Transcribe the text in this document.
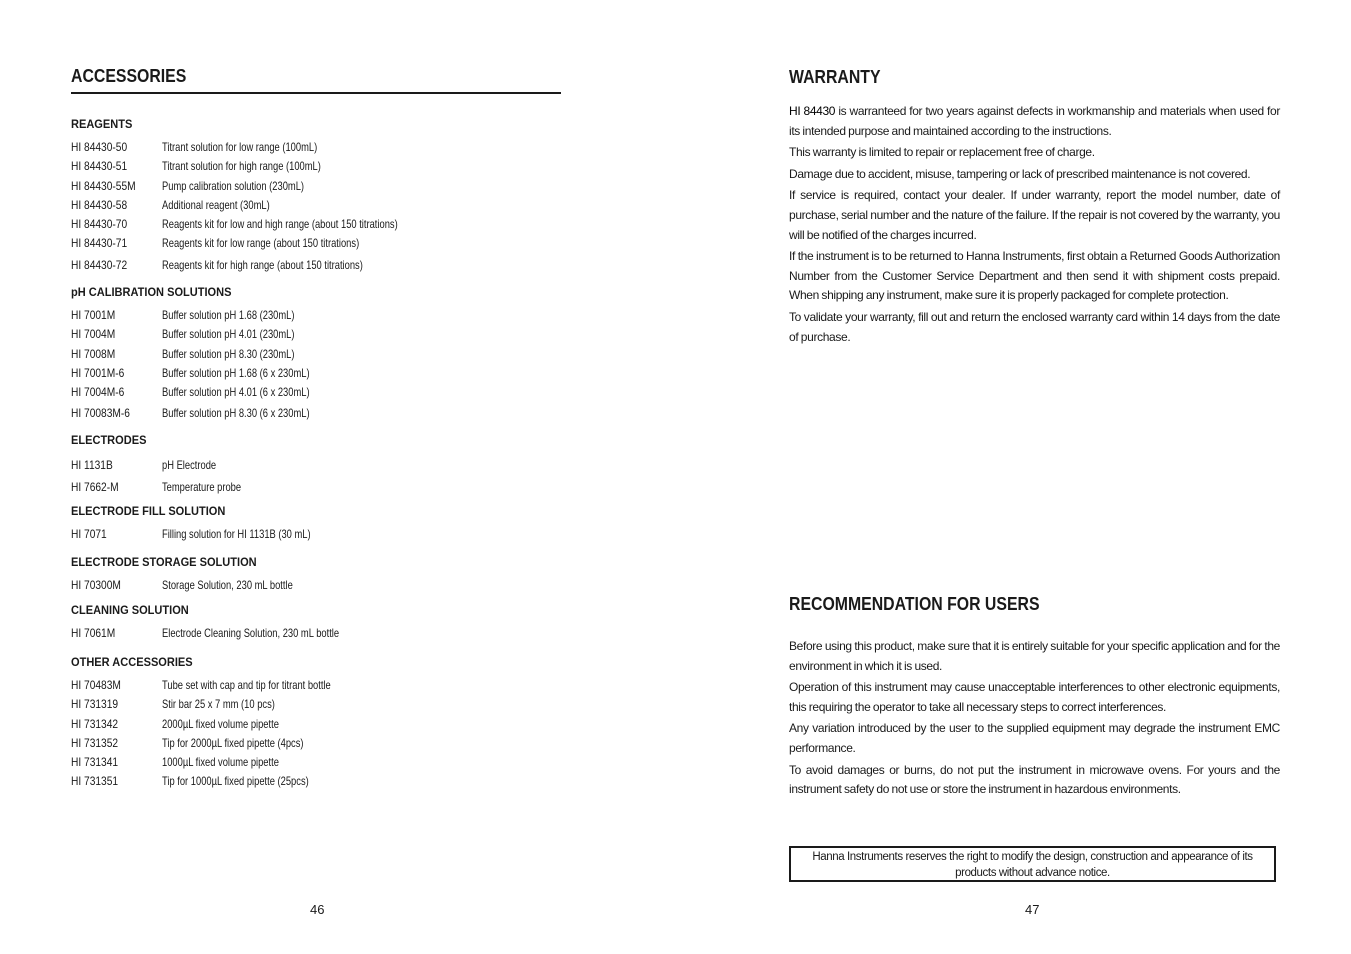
ACCESSORIES
REAGENTS
HI 84430-50	Titrant solution for low range (100mL)
HI 84430-51	Titrant solution for high range (100mL)
HI 84430-55M	Pump calibration solution (230mL)
HI 84430-58	Additional reagent (30mL)
HI 84430-70	Reagents kit for low and high range (about 150 titrations)
HI 84430-71	Reagents kit for low range (about 150 titrations)
HI 84430-72	Reagents kit for high range (about 150 titrations)
pH CALIBRATION SOLUTIONS
HI 7001M	Buffer solution pH 1.68 (230mL)
HI 7004M	Buffer solution pH 4.01 (230mL)
HI 7008M	Buffer solution pH 8.30 (230mL)
HI 7001M-6	Buffer solution pH 1.68 (6 x 230mL)
HI 7004M-6	Buffer solution pH 4.01 (6 x 230mL)
HI 70083M-6	Buffer solution pH 8.30 (6 x 230mL)
ELECTRODES
HI 1131B	pH Electrode
HI 7662-M	Temperature probe
ELECTRODE FILL SOLUTION
HI 7071	Filling solution for HI 1131B (30 mL)
ELECTRODE STORAGE SOLUTION
HI 70300M	Storage Solution, 230 mL bottle
CLEANING SOLUTION
HI 7061M	Electrode Cleaning Solution, 230 mL bottle
OTHER ACCESSORIES
HI 70483M	Tube set with cap and tip for titrant bottle
HI 731319	Stir bar 25 x 7 mm (10 pcs)
HI 731342	2000µL fixed volume pipette
HI 731352	Tip for 2000µL fixed pipette (4pcs)
HI 731341	1000µL fixed volume pipette
HI 731351	Tip for 1000µL fixed pipette (25pcs)
46
WARRANTY

HI 84430 is warranteed for two years against defects in workmanship and materials when used for its intended purpose and maintained according to the instructions.

This warranty is limited to repair or replacement free of charge.

Damage due to accident, misuse, tampering or lack of prescribed maintenance is not covered.

If service is required, contact your dealer. If under warranty, report the model number, date of purchase, serial number and the nature of the failure. If the repair is not covered by the warranty, you will be notified of the charges incurred.

If the instrument is to be returned to Hanna Instruments, first obtain a Returned Goods Authorization Number from the Customer Service Department and then send it with shipment costs prepaid. When shipping any instrument, make sure it is properly packaged for complete protection.

To validate your warranty, fill out and return the enclosed warranty card within 14 days from the date of purchase.

RECOMMENDATION FOR USERS

Before using this product, make sure that it is entirely suitable for your specific application and for the environment in which it is used.

Operation of this instrument may cause unacceptable interferences to other electronic equipments, this requiring the operator to take all necessary steps to correct interferences.

Any variation introduced by the user to the supplied equipment may degrade the instrument EMC performance.

To avoid damages or burns, do not put the instrument in microwave ovens. For yours and the instrument safety do not use or store the instrument in hazardous environments.

Hanna Instruments reserves the right to modify the design, construction and appearance of its products without advance notice.
47
